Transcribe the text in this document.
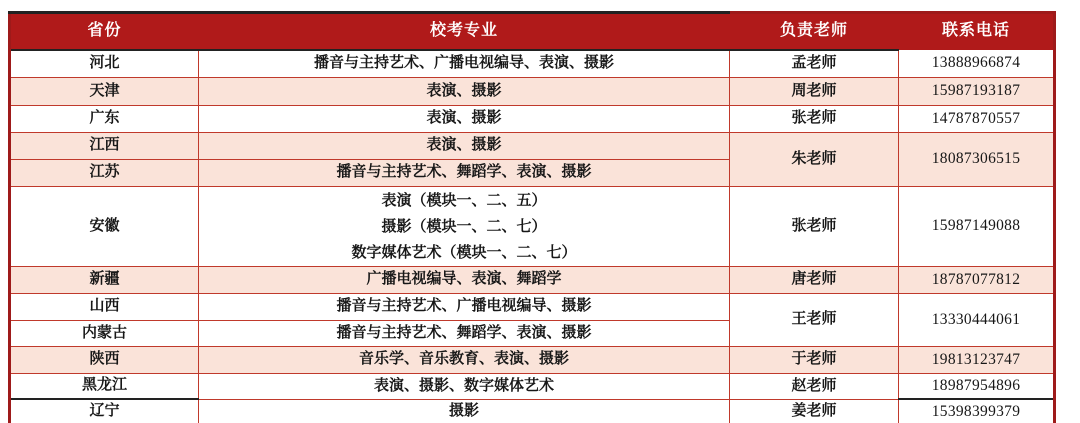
省份	校考专业	负责老师	联系电话
河北	播音与主持艺术、广播电视编导、表演、摄影	孟老师	13888966874
天津	表演、摄影	周老师	15987193187
广东	表演、摄影	张老师	14787870557
江西	表演、摄影	朱老师	18087306515
江苏	播音与主持艺术、舞蹈学、表演、摄影		
安徽	表演（模块一、二、五）
摄影（模块一、二、七）
数字媒体艺术（模块一、二、七）	张老师	15987149088
新疆	广播电视编导、表演、舞蹈学	唐老师	18787077812
山西	播音与主持艺术、广播电视编导、摄影	王老师	13330444061
内蒙古	播音与主持艺术、舞蹈学、表演、摄影		
陕西	音乐学、音乐教育、表演、摄影	于老师	19813123747
黑龙江	表演、摄影、数字媒体艺术	赵老师	18987954896
辽宁	摄影	姜老师	15398399379
